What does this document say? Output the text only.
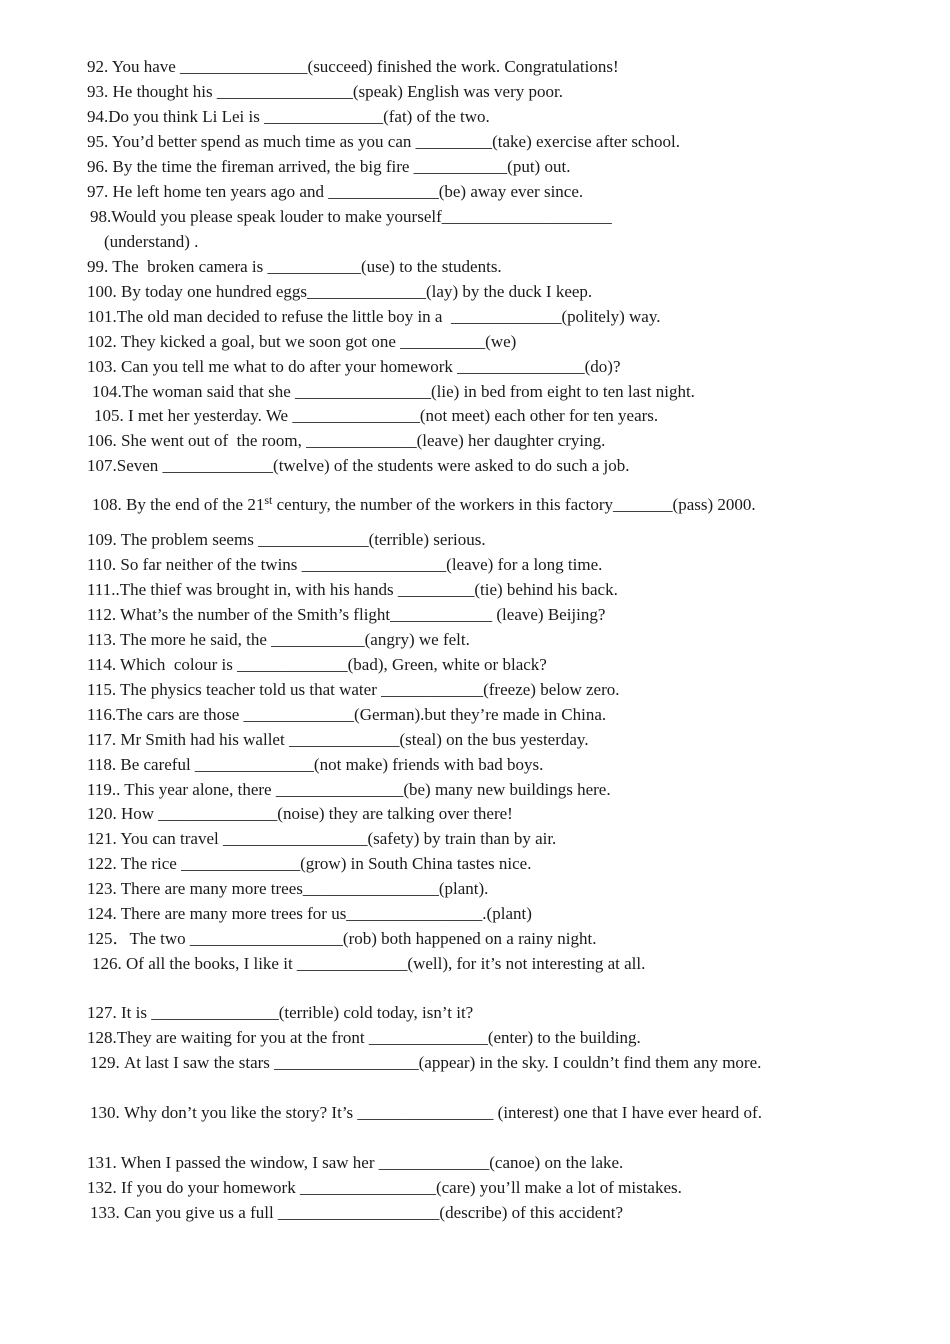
92. You have _______________(succeed) finished the work. Congratulations!
93. He thought his ________________(speak) English was very poor.
94.Do you think Li Lei is ______________(fat) of the two.
95. You’d better spend as much time as you can _________(take) exercise after school.
96. By the time the fireman arrived, the big fire ___________(put) out.
97. He left home ten years ago and _____________(be) away ever since.
98.Would you please speak louder to make yourself____________________
(understand) .
99. The  broken camera is ___________(use) to the students.
100. By today one hundred eggs______________(lay) by the duck I keep.
101.The old man decided to refuse the little boy in a  _____________(politely) way.
102. They kicked a goal, but we soon got one __________(we)
103. Can you tell me what to do after your homework _______________(do)?
104.The woman said that she ________________(lie) in bed from eight to ten last night.
105. I met her yesterday. We _______________(not meet) each other for ten years.
106. She went out of  the room, _____________(leave) her daughter crying.
107.Seven _____________(twelve) of the students were asked to do such a job.
108. By the end of the 21st century, the number of the workers in this factory_______(pass) 2000.
109. The problem seems _____________(terrible) serious.
110. So far neither of the twins _________________(leave) for a long time.
111..The thief was brought in, with his hands _________(tie) behind his back.
112. What’s the number of the Smith’s flight____________ (leave) Beijing?
113. The more he said, the ___________(angry) we felt.
114. Which  colour is _____________(bad), Green, white or black?
115. The physics teacher told us that water ____________(freeze) below zero.
116.The cars are those _____________(German).but they’re made in China.
117. Mr Smith had his wallet _____________(steal) on the bus yesterday.
118. Be careful ______________(not make) friends with bad boys.
119.. This year alone, there _______________(be) many new buildings here.
120. How ______________(noise) they are talking over there!
121. You can travel _________________(safety) by train than by air.
122. The rice ______________(grow) in South China tastes nice.
123. There are many more trees________________(plant).
124. There are many more trees for us________________.(plant)
125．The two __________________(rob) both happened on a rainy night.
126. Of all the books, I like it _____________(well), for it’s not interesting at all.
127. It is _______________(terrible) cold today, isn’t it?
128.They are waiting for you at the front ______________(enter) to the building.
129. At last I saw the stars _________________(appear) in the sky. I couldn’t find them any more.
130. Why don’t you like the story? It’s ________________ (interest) one that I have ever heard of.
131. When I passed the window, I saw her _____________(canoe) on the lake.
132. If you do your homework ________________(care) you’ll make a lot of mistakes.
133. Can you give us a full ___________________(describe) of this accident?
